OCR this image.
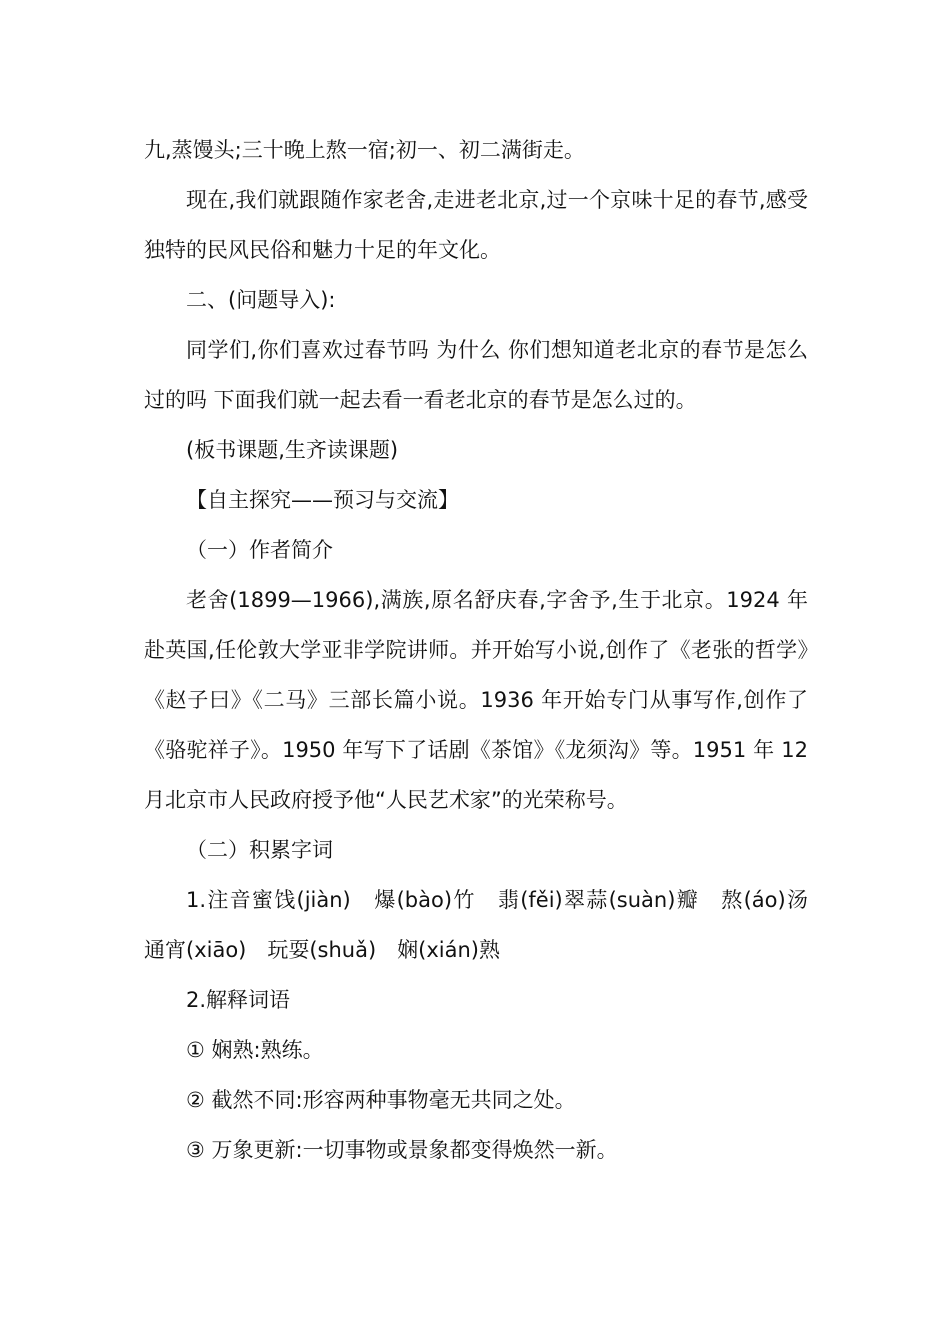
九,蒸馒头;三十晚上熬一宿;初一、初二满街走。

现在,我们就跟随作家老舍,走进老北京,过一个京味十足的春节,感受独特的民风民俗和魅力十足的年文化。

二、(问题导入):

同学们,你们喜欢过春节吗 为什么 你们想知道老北京的春节是怎么过的吗 下面我们就一起去看一看老北京的春节是怎么过的。

(板书课题,生齐读课题)

【自主探究——预习与交流】

（一）作者简介

老舍(1899—1966),满族,原名舒庆春,字舍予,生于北京。1924 年赴英国,任伦敦大学亚非学院讲师。并开始写小说,创作了《老张的哲学》《赵子曰》《二马》三部长篇小说。1936 年开始专门从事写作,创作了《骆驼祥子》。1950 年写下了话剧《茶馆》《龙须沟》等。1951 年 12 月北京市人民政府授予他“人民艺术家”的光荣称号。

（二）积累字词

1.注音蜜饯(jiàn)　爆(bào)竹　翡(fěi)翠蒜(suàn)瓣　熬(áo)汤　通宵(xiāo)　玩耍(shuǎ)　娴(xián)熟

2.解释词语

① 娴熟:熟练。

② 截然不同:形容两种事物毫无共同之处。

③ 万象更新:一切事物或景象都变得焕然一新。
